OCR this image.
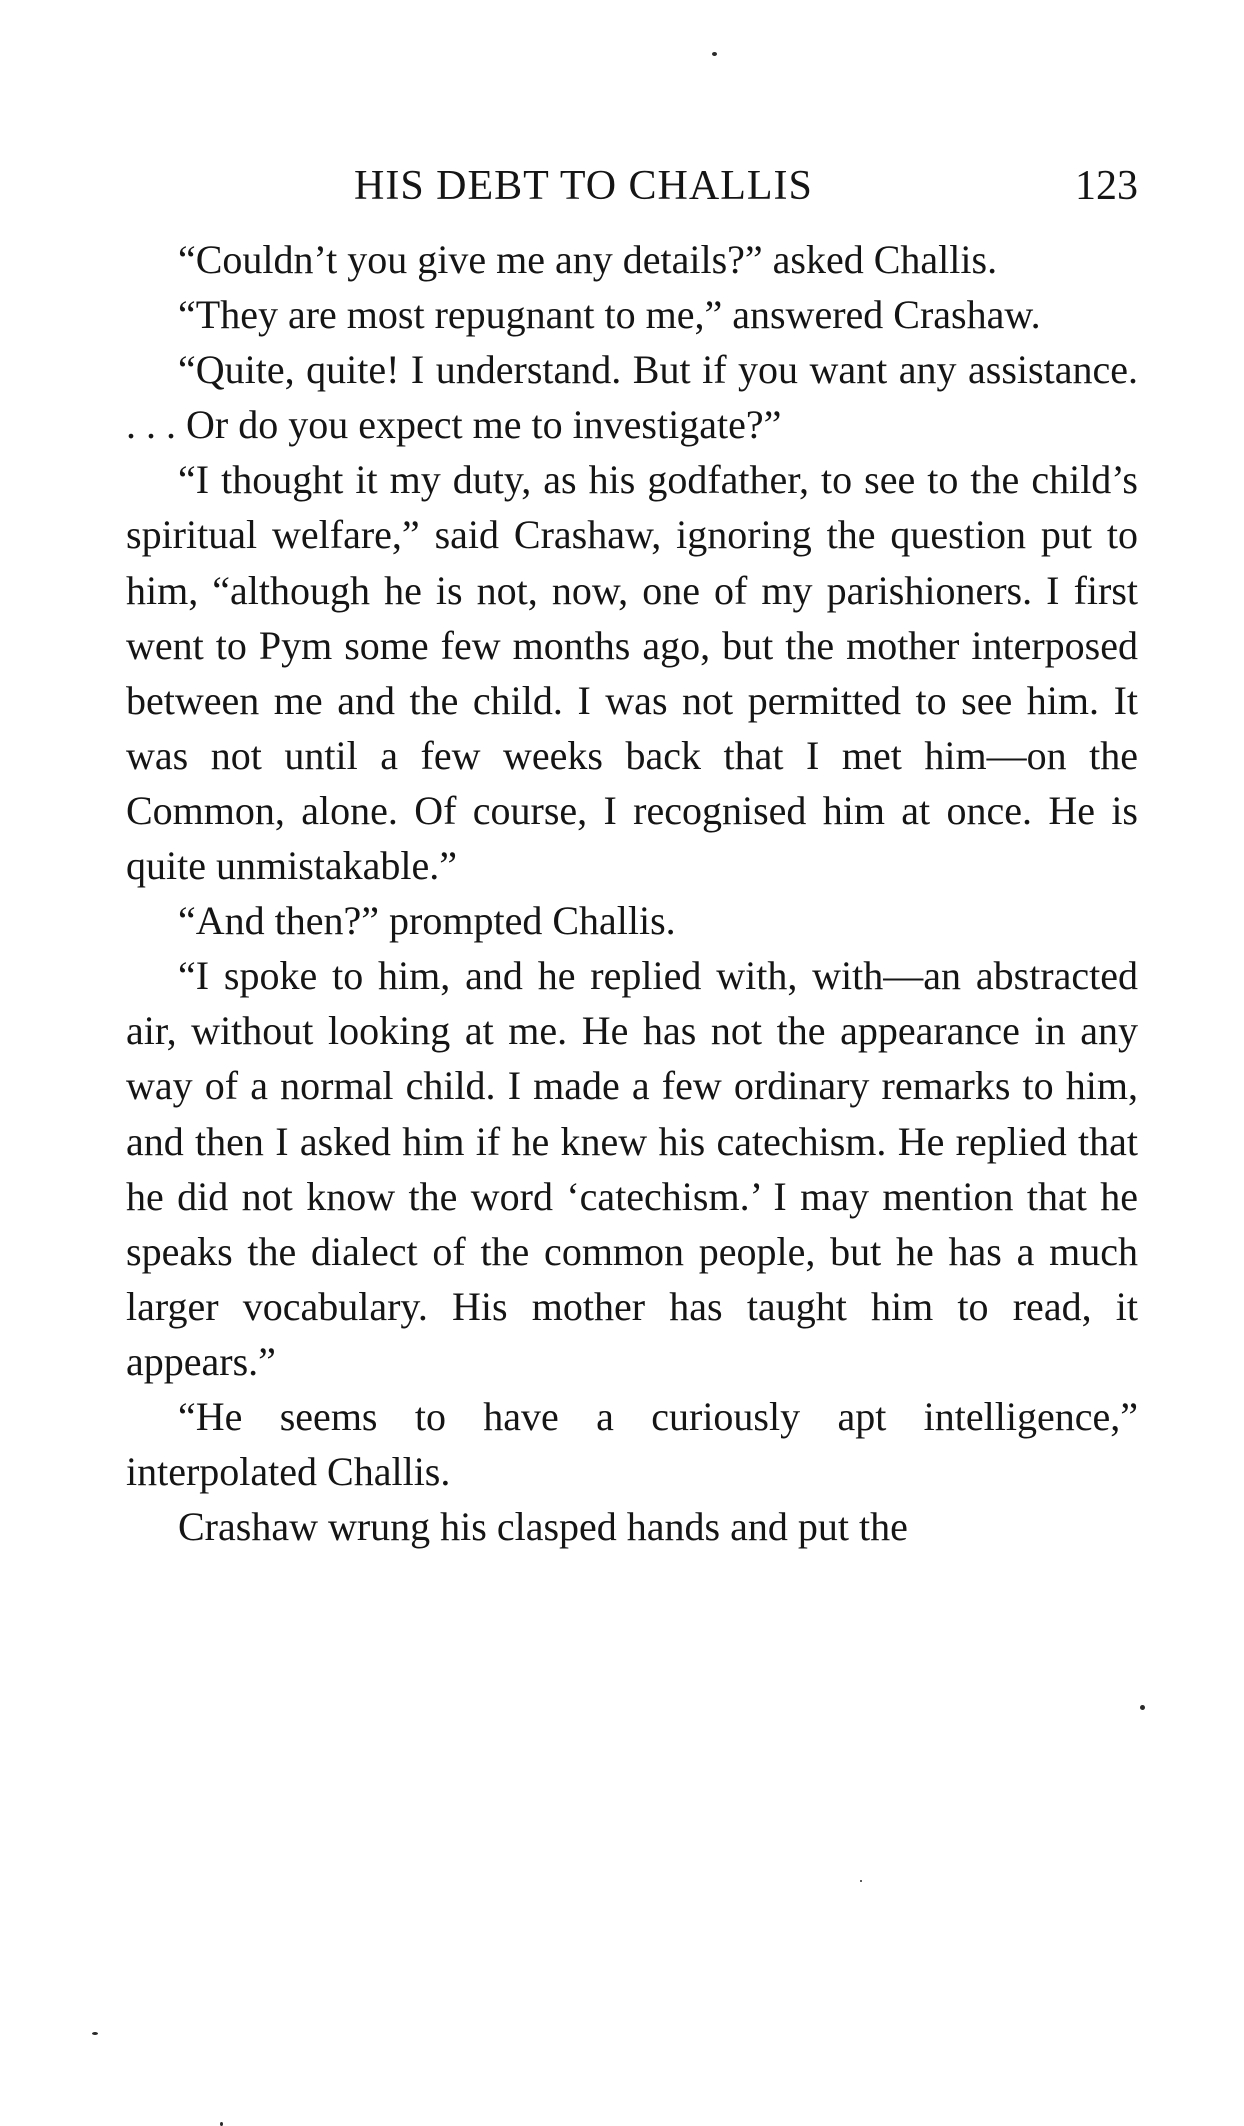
HIS DEBT TO CHALLIS	123

“Couldn’t you give me any details?” asked Challis.

“They are most repugnant to me,” answered Crashaw.

“Quite, quite! I understand. But if you want any assistance. . . . Or do you expect me to investigate?”

“I thought it my duty, as his godfather, to see to the child’s spiritual welfare,” said Crashaw, ignoring the question put to him, “although he is not, now, one of my parishioners. I first went to Pym some few months ago, but the mother interposed between me and the child. I was not permitted to see him. It was not until a few weeks back that I met him—on the Common, alone. Of course, I recognised him at once. He is quite unmistakable.”

“And then?” prompted Challis.

“I spoke to him, and he replied with, with—an abstracted air, without looking at me. He has not the appearance in any way of a normal child. I made a few ordinary remarks to him, and then I asked him if he knew his catechism. He replied that he did not know the word ‘catechism.’ I may mention that he speaks the dialect of the common people, but he has a much larger vocabulary. His mother has taught him to read, it appears.”

“He seems to have a curiously apt intelligence,” interpolated Challis.

Crashaw wrung his clasped hands and put the
